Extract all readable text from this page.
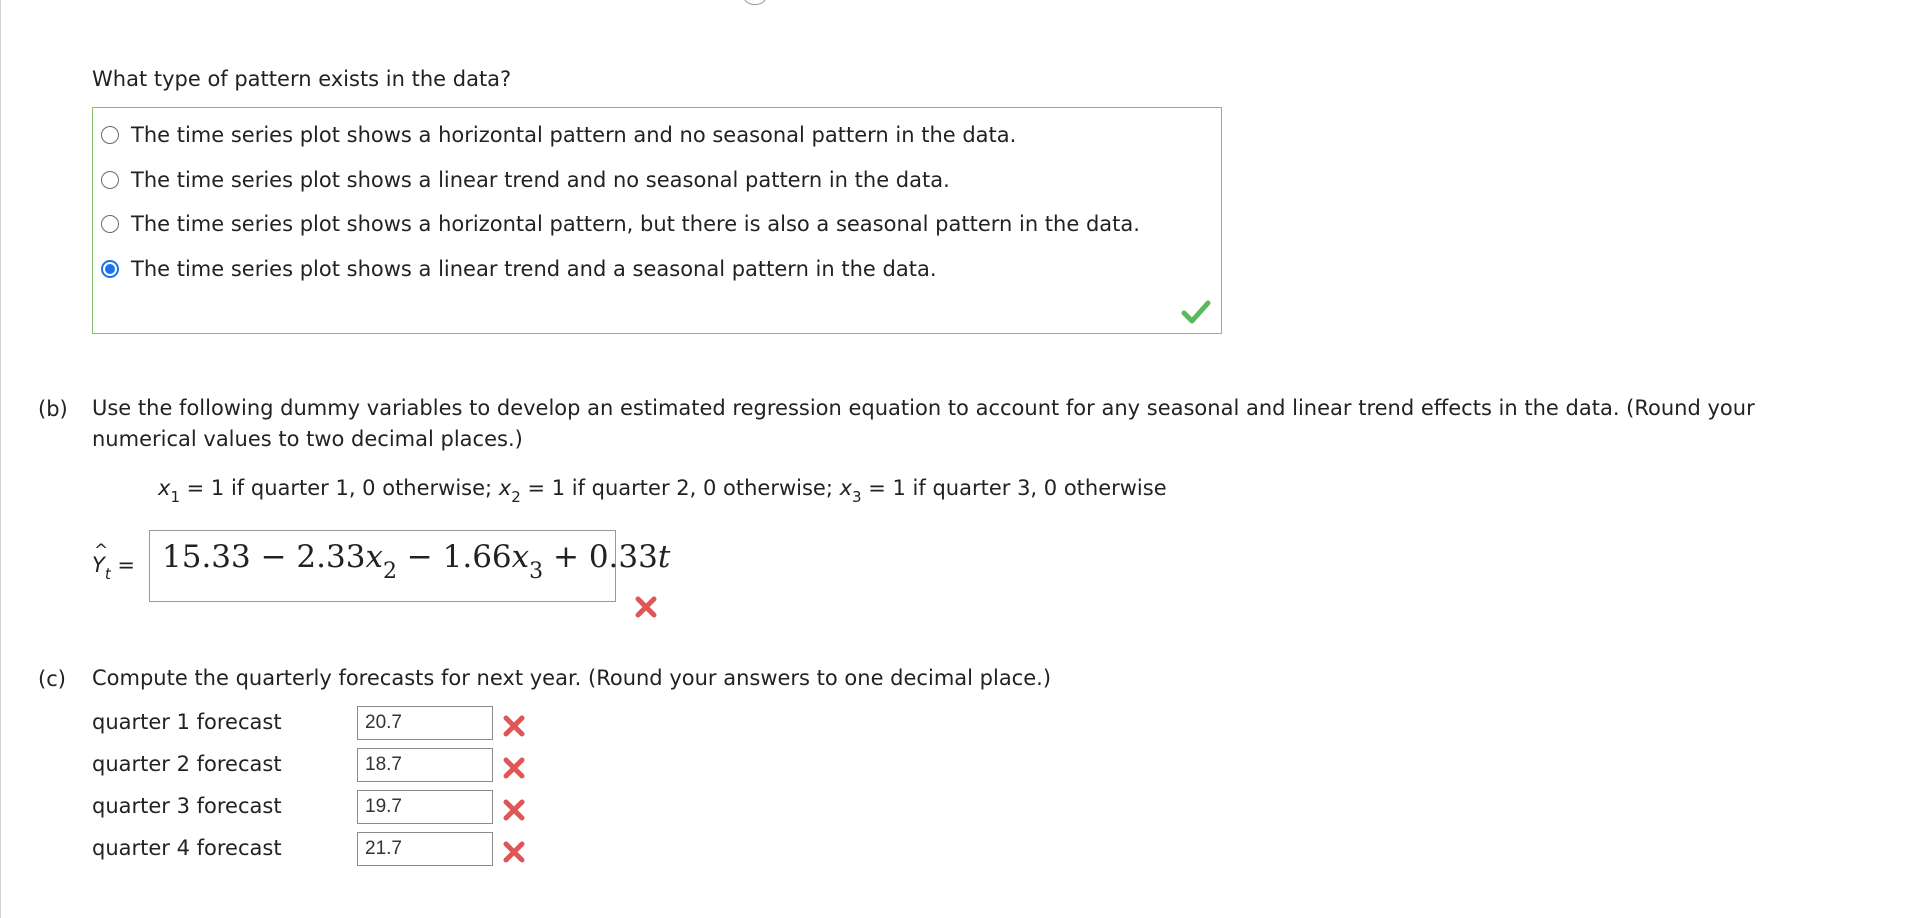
What type of pattern exists in the data?
The time series plot shows a horizontal pattern and no seasonal pattern in the data.
The time series plot shows a linear trend and no seasonal pattern in the data.
The time series plot shows a horizontal pattern, but there is also a seasonal pattern in the data.
The time series plot shows a linear trend and a seasonal pattern in the data.
(b) Use the following dummy variables to develop an estimated regression equation to account for any seasonal and linear trend effects in the data. (Round your
numerical values to two decimal places.)
$x_1 = 1$ if quarter 1, 0 otherwise; $x_2 = 1$ if quarter 2, 0 otherwise; $x_3 = 1$ if quarter 3, 0 otherwise
^ $Y_t = 15.33 - 2.33x_2 - 1.66x_3 + 0.33t$
(c) Compute the quarterly forecasts for next year. (Round your answers to one decimal place.)
quarter 1 forecast
20.7
quarter 2 forecast
18.7
quarter 3 forecast
19.7
quarter 4 forecast
21.7
